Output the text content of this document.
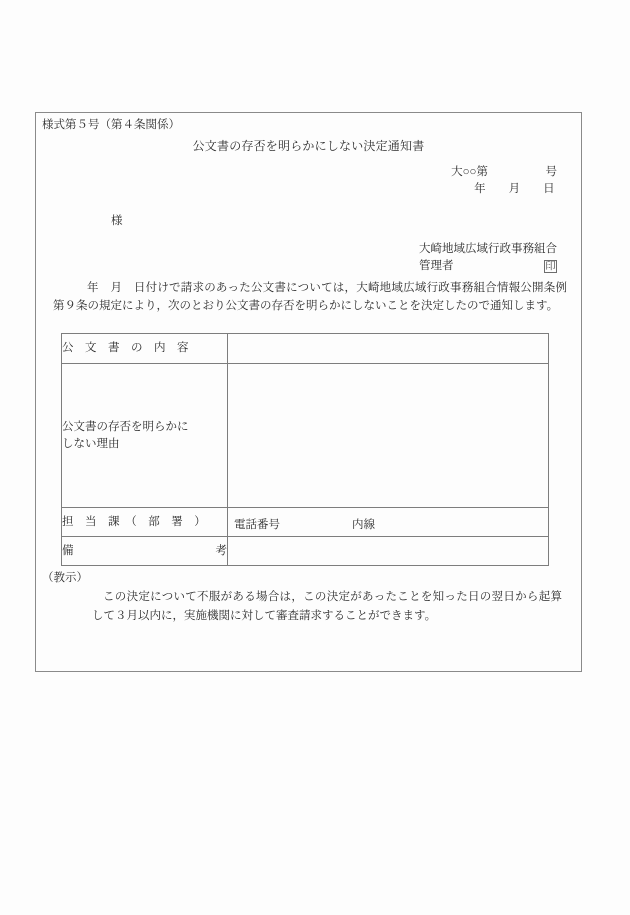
様式第５号（第４条関係）
公文書の存否を明らかにしない決定通知書
大○○第　　　　　号
　　年　　月　　日
様
大崎地域広域行政事務組合
管理者	印
年　月　日付けで請求のあった公文書については，大崎地域広域行政事務組合情報公開条例第９条の規定により，次のとおり公文書の存否を明らかにしないことを決定したので通知します。
公　文　書　の　内　容	

公文書の存否を明らかに
しない理由	

担　当　課　（　部　署　）	電話番号 内線

備 考	

（教示）
この決定について不服がある場合は，この決定があったことを知った日の翌日から起算して３月以内に，実施機関に対して審査請求することができます。
